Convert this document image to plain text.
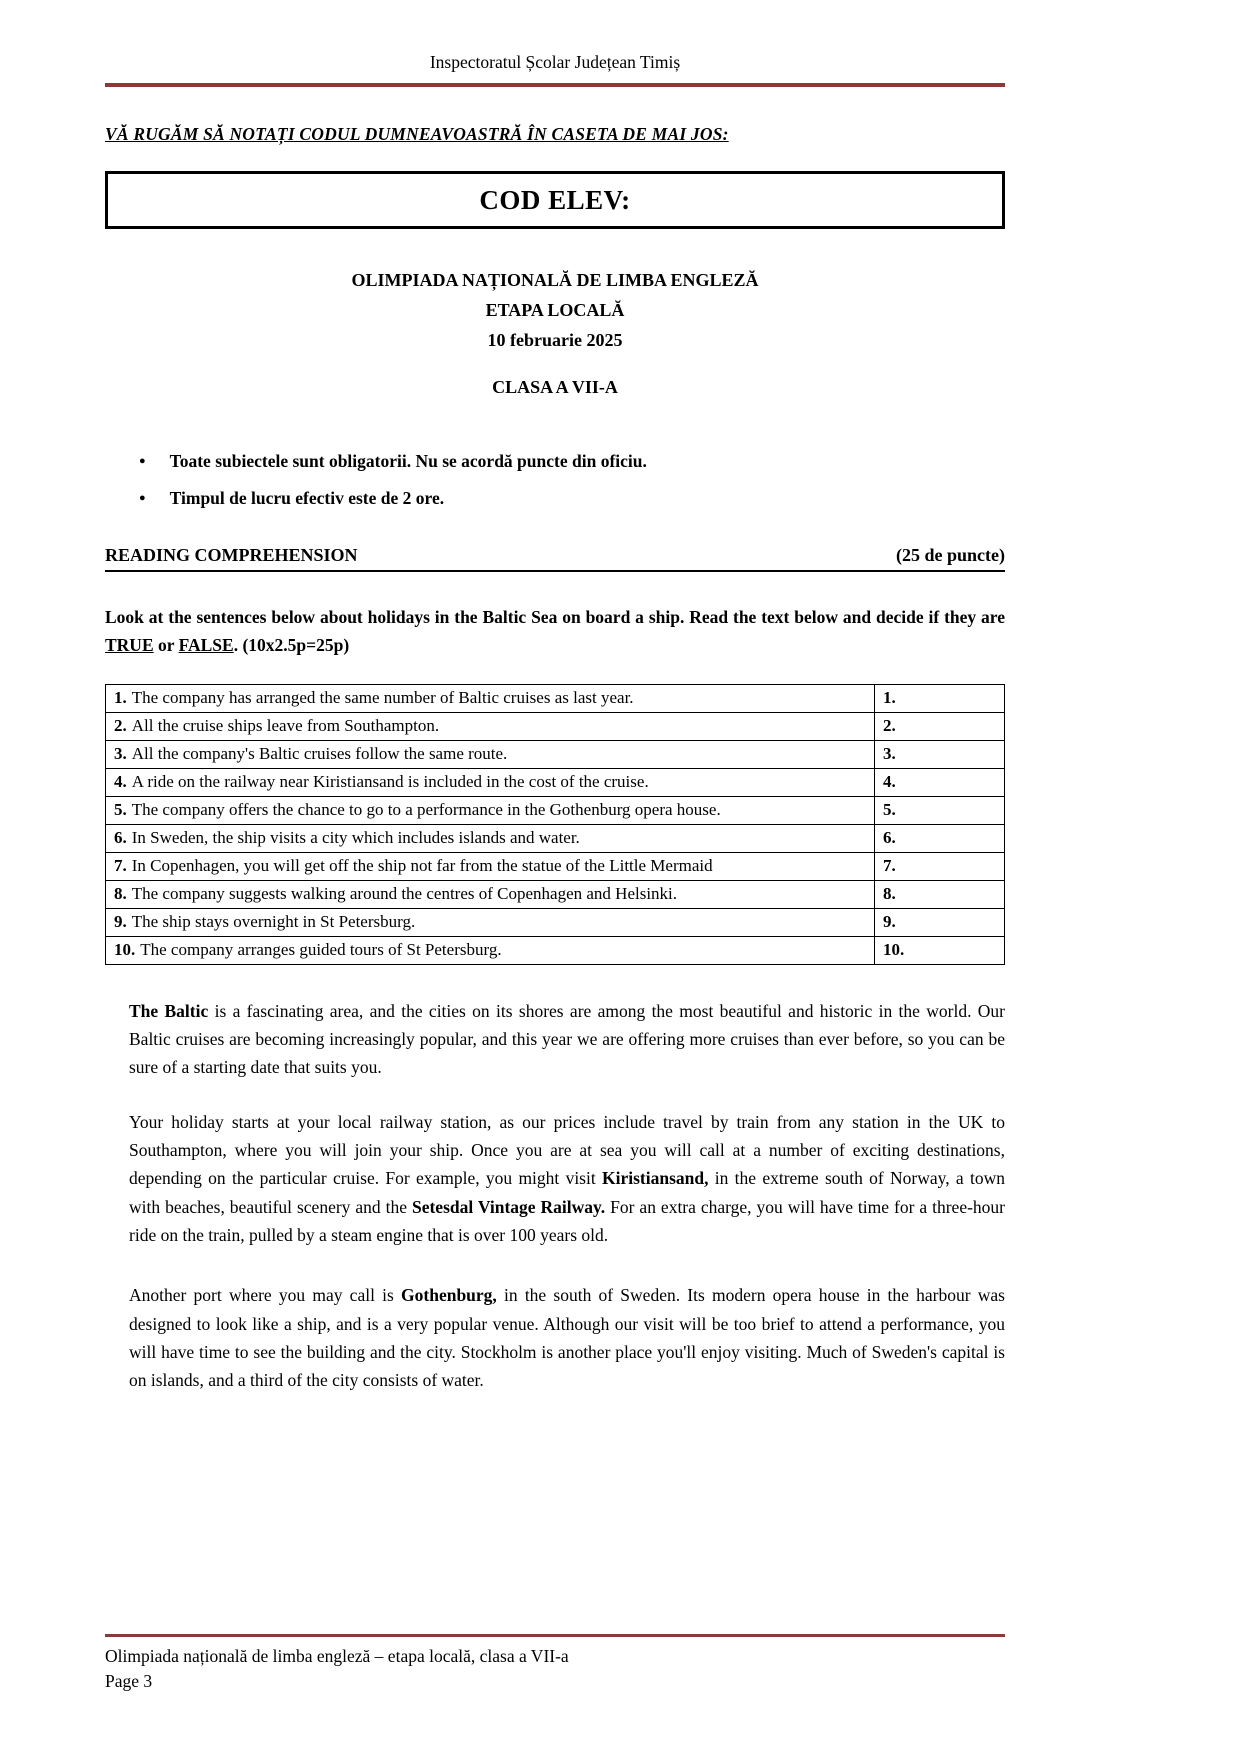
Inspectoratul Școlar Județean Timiș
VĂ RUGĂM SĂ NOTAȚI CODUL DUMNEAVOASTRĂ ÎN CASETA DE MAI JOS:
COD ELEV:
OLIMPIADA NAȚIONALĂ DE LIMBA ENGLEZĂ
ETAPA LOCALĂ
10 februarie 2025
CLASA A VII-A
● Toate subiectele sunt obligatorii. Nu se acordă puncte din oficiu.
● Timpul de lucru efectiv este de 2 ore.
READING COMPREHENSION	(25 de puncte)
Look at the sentences below about holidays in the Baltic Sea on board a ship. Read the text below and decide if they are TRUE or FALSE. (10x2.5p=25p)
1. The company has arranged the same number of Baltic cruises as last year.	1.
2. All the cruise ships leave from Southampton.	2.
3. All the company's Baltic cruises follow the same route.	3.
4. A ride on the railway near Kiristiansand is included in the cost of the cruise.	4.
5. The company offers the chance to go to a performance in the Gothenburg opera house.	5.
6. In Sweden, the ship visits a city which includes islands and water.	6.
7. In Copenhagen, you will get off the ship not far from the statue of the Little Mermaid	7.
8. The company suggests walking around the centres of Copenhagen and Helsinki.	8.
9. The ship stays overnight in St Petersburg.	9.
10. The company arranges guided tours of St Petersburg.	10.
The Baltic is a fascinating area, and the cities on its shores are among the most beautiful and historic in the world. Our Baltic cruises are becoming increasingly popular, and this year we are offering more cruises than ever before, so you can be sure of a starting date that suits you.
Your holiday starts at your local railway station, as our prices include travel by train from any station in the UK to Southampton, where you will join your ship. Once you are at sea you will call at a number of exciting destinations, depending on the particular cruise. For example, you might visit Kiristiansand, in the extreme south of Norway, a town with beaches, beautiful scenery and the Setesdal Vintage Railway. For an extra charge, you will have time for a three-hour ride on the train, pulled by a steam engine that is over 100 years old.
Another port where you may call is Gothenburg, in the south of Sweden. Its modern opera house in the harbour was designed to look like a ship, and is a very popular venue. Although our visit will be too brief to attend a performance, you will have time to see the building and the city. Stockholm is another place you'll enjoy visiting. Much of Sweden's capital is on islands, and a third of the city consists of water.
Olimpiada națională de limba engleză – etapa locală, clasa a VII-a
Page 3
